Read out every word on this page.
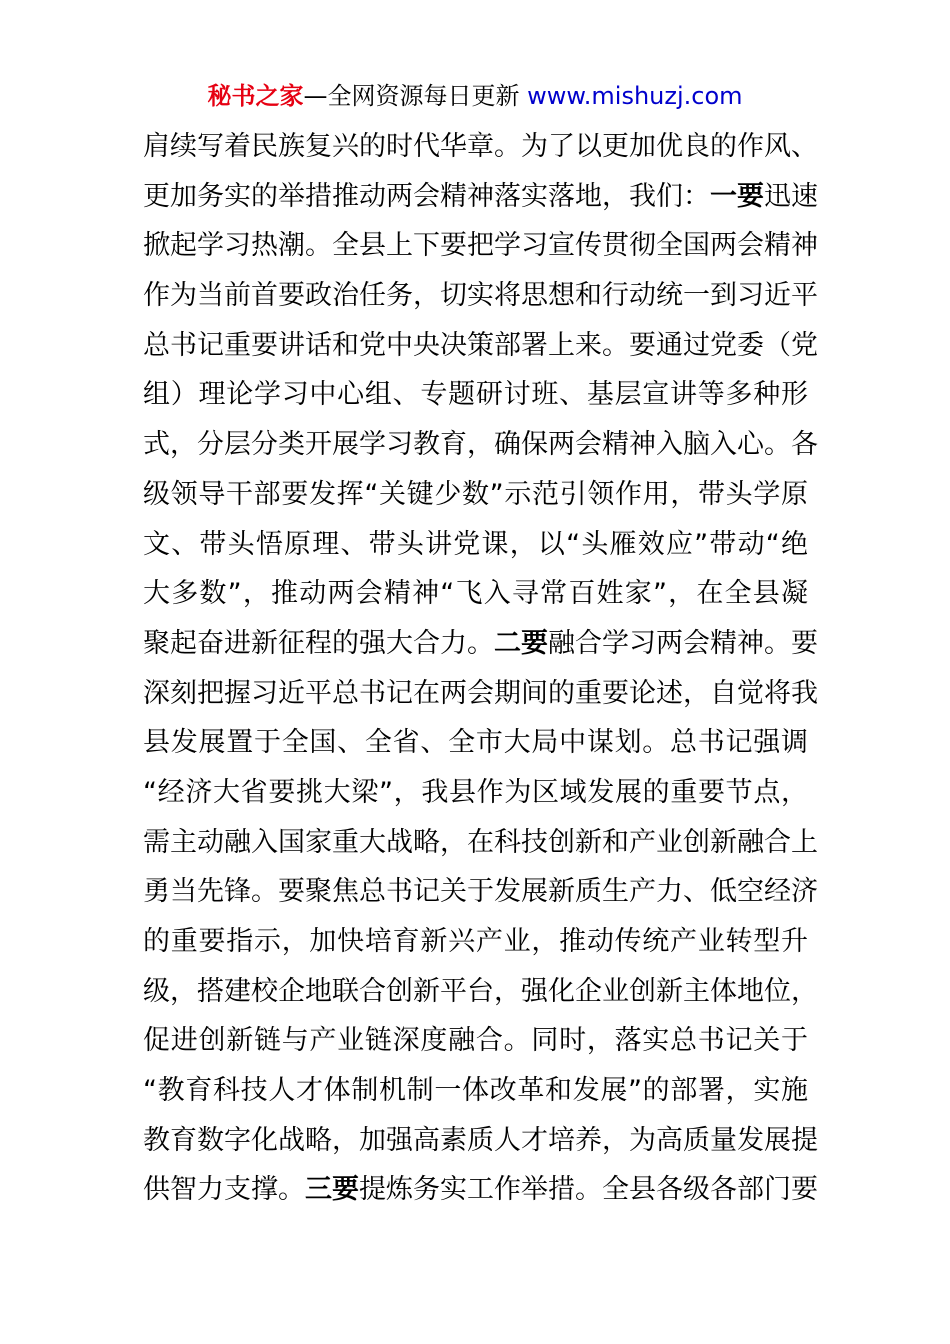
秘书之家—全网资源每日更新 www.mishuzj.com
肩续写着民族复兴的时代华章。为了以更加优良的作风、
更加务实的举措推动两会精神落实落地，我们：一要迅速
掀起学习热潮。全县上下要把学习宣传贯彻全国两会精神
作为当前首要政治任务，切实将思想和行动统一到习近平
总书记重要讲话和党中央决策部署上来。要通过党委（党
组）理论学习中心组、专题研讨班、基层宣讲等多种形
式，分层分类开展学习教育，确保两会精神入脑入心。各
级领导干部要发挥“关键少数”示范引领作用，带头学原
文、带头悟原理、带头讲党课，以“头雁效应”带动“绝
大多数”，推动两会精神“飞入寻常百姓家”，在全县凝
聚起奋进新征程的强大合力。二要融合学习两会精神。要
深刻把握习近平总书记在两会期间的重要论述，自觉将我
县发展置于全国、全省、全市大局中谋划。总书记强调
“经济大省要挑大梁”，我县作为区域发展的重要节点，
需主动融入国家重大战略，在科技创新和产业创新融合上
勇当先锋。要聚焦总书记关于发展新质生产力、低空经济
的重要指示，加快培育新兴产业，推动传统产业转型升
级，搭建校企地联合创新平台，强化企业创新主体地位，
促进创新链与产业链深度融合。同时，落实总书记关于
“教育科技人才体制机制一体改革和发展”的部署，实施
教育数字化战略，加强高素质人才培养，为高质量发展提
供智力支撑。三要提炼务实工作举措。全县各级各部门要
